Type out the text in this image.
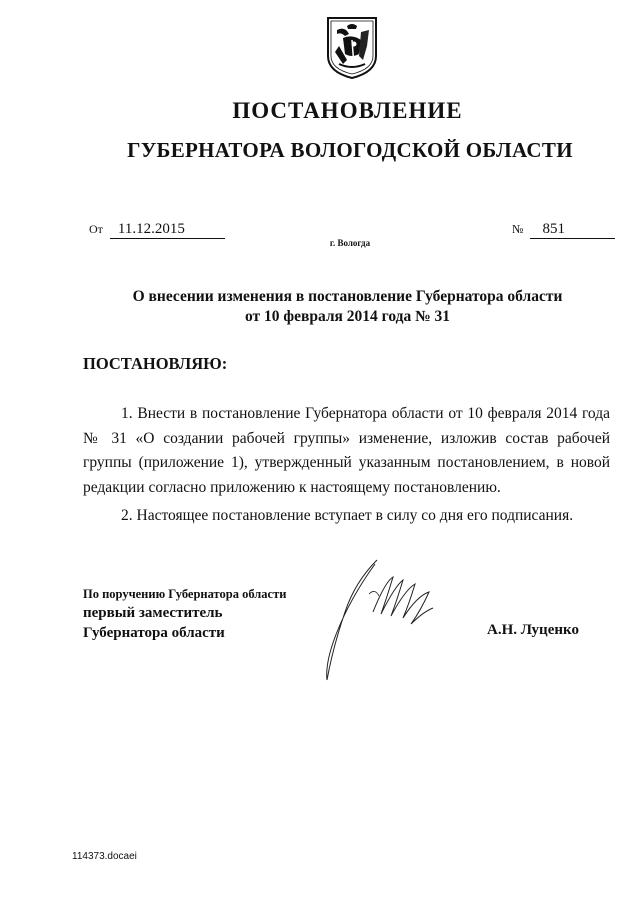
ПОСТАНОВЛЕНИЕ
ГУБЕРНАТОРА ВОЛОГОДСКОЙ ОБЛАСТИ
От 11.12.2015	№ 851
г. Вологда
О внесении изменения в постановление Губернатора области
от 10 февраля 2014 года № 31
ПОСТАНОВЛЯЮ:

1. Внести в постановление Губернатора области от 10 февраля 2014 года № 31 «О создании рабочей группы» изменение, изложив состав рабочей группы (приложение 1), утвержденный указанным постановлением, в новой редакции согласно приложению к настоящему постановлению.

2. Настоящее постановление вступает в силу со дня его подписания.

По поручению Губернатора области
первый заместитель
Губернатора области	А.Н. Луценко
114373.docaei
